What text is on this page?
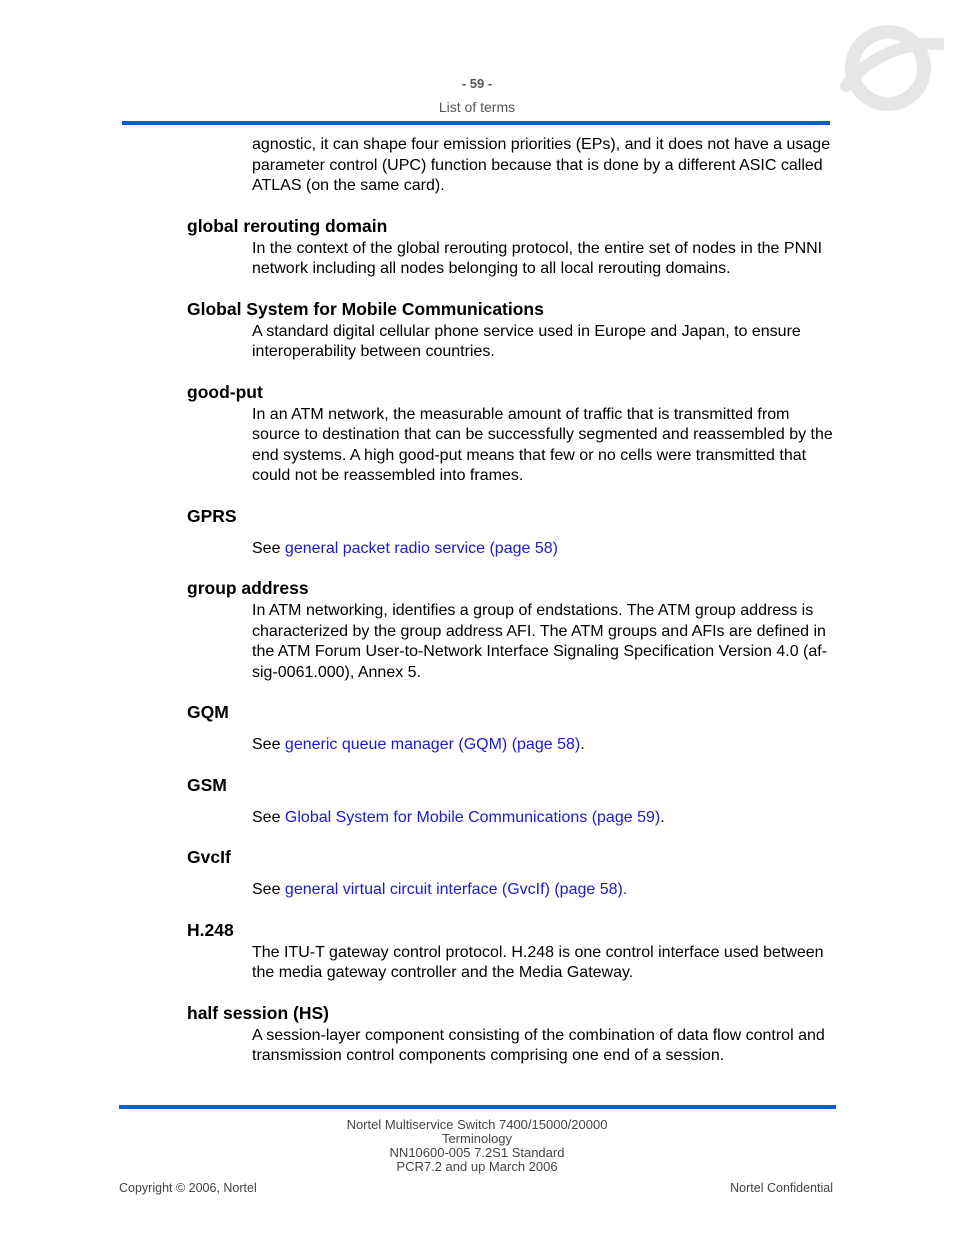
- 59 -
List of terms
agnostic, it can shape four emission priorities (EPs), and it does not have a usage parameter control (UPC) function because that is done by a different ASIC called ATLAS (on the same card).
global rerouting domain
In the context of the global rerouting protocol, the entire set of nodes in the PNNI network including all nodes belonging to all local rerouting domains.
Global System for Mobile Communications
A standard digital cellular phone service used in Europe and Japan, to ensure interoperability between countries.
good-put
In an ATM network, the measurable amount of traffic that is transmitted from source to destination that can be successfully segmented and reassembled by the end systems. A high good-put means that few or no cells were transmitted that could not be reassembled into frames.
GPRS
See general packet radio service (page 58)
group address
In ATM networking, identifies a group of endstations. The ATM group address is characterized by the group address AFI. The ATM groups and AFIs are defined in the ATM Forum User-to-Network Interface Signaling Specification Version 4.0 (af-sig-0061.000), Annex 5.
GQM
See generic queue manager (GQM) (page 58).
GSM
See Global System for Mobile Communications (page 59).
GvcIf
See general virtual circuit interface (GvcIf) (page 58).
H.248
The ITU-T gateway control protocol. H.248 is one control interface used between the media gateway controller and the Media Gateway.
half session (HS)
A session-layer component consisting of the combination of data flow control and transmission control components comprising one end of a session.
Nortel Multiservice Switch 7400/15000/20000
Terminology
NN10600-005 7.2S1 Standard
PCR7.2 and up March 2006
Copyright © 2006, Nortel	Nortel Confidential
